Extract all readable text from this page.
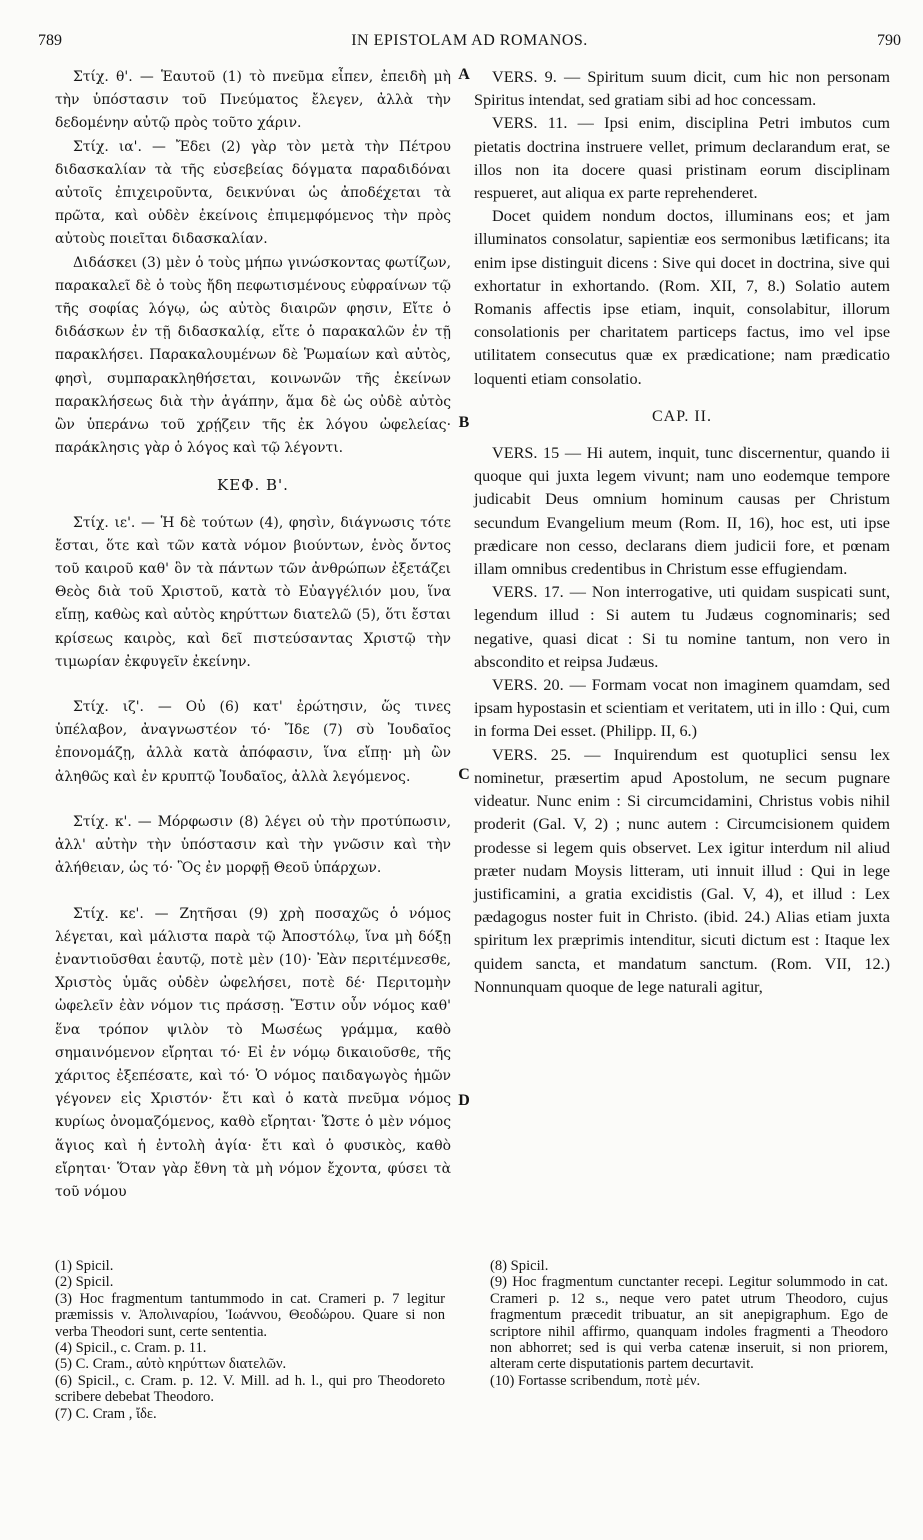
789	IN EPISTOLAM AD ROMANOS.	790

Στίχ. θ'. — Ἑαυτοῦ (1) τὸ πνεῦμα εἶπεν, ἐπειδὴ μὴ τὴν ὑπόστασιν τοῦ Πνεύματος ἔλεγεν, ἀλλὰ τὴν δεδομένην αὐτῷ πρὸς τοῦτο χάριν.

Στίχ. ια'. — Ἔδει (2) γὰρ τὸν μετὰ τὴν Πέτρου διδασκαλίαν τὰ τῆς εὐσεβείας δόγματα παραδιδόναι αὐτοῖς ἐπιχειροῦντα, δεικνύναι ὡς ἀποδέχεται τὰ πρῶτα, καὶ οὐδὲν ἐκείνοις ἐπιμεμφόμενος τὴν πρὸς αὐτοὺς ποιεῖται διδασκαλίαν.

Διδάσκει (3) μὲν ὁ τοὺς μήπω γινώσκοντας φωτίζων, παρακαλεῖ δὲ ὁ τοὺς ἤδη πεφωτισμένους εὐφραίνων τῷ τῆς σοφίας λόγῳ, ὡς αὐτὸς διαιρῶν φησιν, Εἴτε ὁ διδάσκων ἐν τῇ διδασκαλίᾳ, εἴτε ὁ παρακαλῶν ἐν τῇ παρακλήσει. Παρακαλουμένων δὲ Ῥωμαίων καὶ αὐτὸς, φησὶ, συμπαρακληθήσεται, κοινωνῶν τῆς ἐκείνων παρακλήσεως διὰ τὴν ἀγάπην, ἅμα δὲ ὡς οὐδὲ αὐτὸς ὢν ὑπεράνω τοῦ χρῄζειν τῆς ἐκ λόγου ὠφελείας· παράκλησις γὰρ ὁ λόγος καὶ τῷ λέγοντι.

ΚΕΦ. Β'.

Στίχ. ιε'. — Ἡ δὲ τούτων (4), φησὶν, διάγνωσις τότε ἔσται, ὅτε καὶ τῶν κατὰ νόμον βιούντων, ἑνὸς ὄντος τοῦ καιροῦ καθ' ὃν τὰ πάντων τῶν ἀνθρώπων ἐξετάζει Θεὸς διὰ τοῦ Χριστοῦ, κατὰ τὸ Εὐαγγέλιόν μου, ἵνα εἴπῃ, καθὼς καὶ αὐτὸς κηρύττων διατελῶ (5), ὅτι ἔσται κρίσεως καιρὸς, καὶ δεῖ πιστεύσαντας Χριστῷ τὴν τιμωρίαν ἐκφυγεῖν ἐκείνην.

Στίχ. ιζ'. — Οὐ (6) κατ' ἐρώτησιν, ὥς τινες ὑπέλαβον, ἀναγνωστέον τό· Ἴδε (7) σὺ Ἰουδαῖος ἐπονομάζῃ, ἀλλὰ κατὰ ἀπόφασιν, ἵνα εἴπῃ· μὴ ὢν ἀληθῶς καὶ ἐν κρυπτῷ Ἰουδαῖος, ἀλλὰ λεγόμενος.

Στίχ. κ'. — Μόρφωσιν (8) λέγει οὐ τὴν προτύπωσιν, ἀλλ' αὐτὴν τὴν ὑπόστασιν καὶ τὴν γνῶσιν καὶ τὴν ἀλήθειαν, ὡς τό· Ὃς ἐν μορφῇ Θεοῦ ὑπάρχων.

Στίχ. κε'. — Ζητῆσαι (9) χρὴ ποσαχῶς ὁ νόμος λέγεται, καὶ μάλιστα παρὰ τῷ Ἀποστόλῳ, ἵνα μὴ δόξῃ ἐναντιοῦσθαι ἑαυτῷ, ποτὲ μὲν (10)· Ἐὰν περιτέμνεσθε, Χριστὸς ὑμᾶς οὐδὲν ὠφελήσει, ποτὲ δέ· Περιτομὴν ὠφελεῖν ἐὰν νόμον τις πράσσῃ. Ἔστιν οὖν νόμος καθ' ἕνα τρόπον ψιλὸν τὸ Μωσέως γράμμα, καθὸ σημαινόμενον εἴρηται τό· Εἰ ἐν νόμῳ δικαιοῦσθε, τῆς χάριτος ἐξεπέσατε, καὶ τό· Ὁ νόμος παιδαγωγὸς ἡμῶν γέγονεν εἰς Χριστόν· ἔτι καὶ ὁ κατὰ πνεῦμα νόμος κυρίως ὀνομαζόμενος, καθὸ εἴρηται· Ὥστε ὁ μὲν νόμος ἅγιος καὶ ἡ ἐντολὴ ἁγία· ἔτι καὶ ὁ φυσικὸς, καθὸ εἴρηται· Ὅταν γὰρ ἔθνη τὰ μὴ νόμον ἔχοντα, φύσει τὰ τοῦ νόμου

A
B
C
D

VERS. 9. — Spiritum suum dicit, cum hic non personam Spiritus intendat, sed gratiam sibi ad hoc concessam.

VERS. 11. — Ipsi enim, disciplina Petri imbutos cum pietatis doctrina instruere vellet, primum declarandum erat, se illos non ita docere quasi pristinam eorum disciplinam respueret, aut aliqua ex parte reprehenderet.

Docet quidem nondum doctos, illuminans eos; et jam illuminatos consolatur, sapientiæ eos sermonibus lætificans; ita enim ipse distinguit dicens : Sive qui docet in doctrina, sive qui exhortatur in exhortando. (Rom. XII, 7, 8.) Solatio autem Romanis affectis ipse etiam, inquit, consolabitur, illorum consolationis per charitatem particeps factus, imo vel ipse utilitatem consecutus quæ ex prædicatione; nam prædicatio loquenti etiam consolatio.

CAP. II.

VERS. 15 — Hi autem, inquit, tunc discernentur, quando ii quoque qui juxta legem vivunt; nam uno eodemque tempore judicabit Deus omnium hominum causas per Christum secundum Evangelium meum (Rom. II, 16), hoc est, uti ipse prædicare non cesso, declarans diem judicii fore, et pœnam illam omnibus credentibus in Christum esse effugiendam.

VERS. 17. — Non interrogative, uti quidam suspicati sunt, legendum illud : Si autem tu Judæus cognominaris; sed negative, quasi dicat : Si tu nomine tantum, non vero in abscondito et reipsa Judæus.

VERS. 20. — Formam vocat non imaginem quamdam, sed ipsam hypostasin et scientiam et veritatem, uti in illo : Qui, cum in forma Dei esset. (Philipp. II, 6.)

VERS. 25. — Inquirendum est quotuplici sensu lex nominetur, præsertim apud Apostolum, ne secum pugnare videatur. Nunc enim : Si circumcidamini, Christus vobis nihil proderit (Gal. V, 2) ; nunc autem : Circumcisionem quidem prodesse si legem quis observet. Lex igitur interdum nil aliud præter nudam Moysis litteram, uti innuit illud : Qui in lege justificamini, a gratia excidistis (Gal. V, 4), et illud : Lex pædagogus noster fuit in Christo. (ibid. 24.) Alias etiam juxta spiritum lex præprimis intenditur, sicuti dictum est : Itaque lex quidem sancta, et mandatum sanctum. (Rom. VII, 12.) Nonnunquam quoque de lege naturali agitur,

(1) Spicil.
(2) Spicil.
(3) Hoc fragmentum tantummodo in cat. Crameri p. 7 legitur præmissis v. Ἀπολιναρίου, Ἰωάννου, Θεοδώρου. Quare si non verba Theodori sunt, certe sententia.
(4) Spicil., c. Cram. p. 11.
(5) C. Cram., αὐτὸ κηρύττων διατελῶν.
(6) Spicil., c. Cram. p. 12. V. Mill. ad h. l., qui pro Theodoreto scribere debebat Theodoro.
(7) C. Cram , ἴδε.
(8) Spicil.
(9) Hoc fragmentum cunctanter recepi. Legitur solummodo in cat. Crameri p. 12 s., neque vero patet utrum Theodoro, cujus fragmentum præcedit tribuatur, an sit anepigraphum. Ego de scriptore nihil affirmo, quanquam indoles fragmenti a Theodoro non abhorret; sed is qui verba catenæ inseruit, si non priorem, alteram certe disputationis partem decurtavit.
(10) Fortasse scribendum, ποτὲ μέν.
